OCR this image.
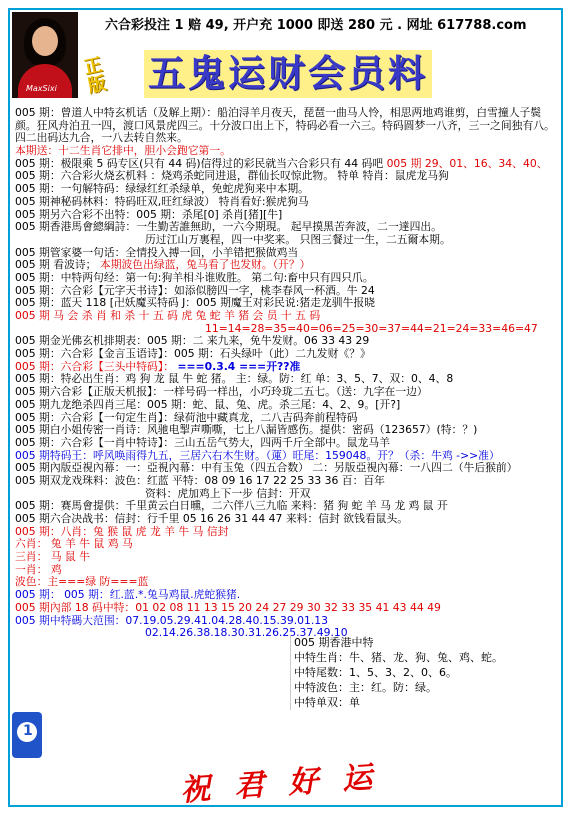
MaxSixi
六合彩投注 1 赔 49, 开户充 1000 即送 280 元 . 网址 617788.com
正版 五鬼运财会员料
005 期：曾道人中特玄机话（及解上期）：船泊浔羊月夜天，琵琶一曲马人怜，相思两地鸡谁剪，白雪撞人子鬓颜。狂风舟泊丑一四，渡口风景虎四三。十分波口出上下，特码必看一六三。特码圆梦一八齐，三一之间独有八。四二出码达九合，一八去转自然来。
本期送：十二生肖它排中，胆小会跑它第一。
005 期：极限乘 5 码专区(只有 44 码)信得过的彩民就当六合彩只有 44 码吧 005 期 29、01、16、34、40、
005 期：六合彩火烧玄机料 ：烧鸡杀蛇同进退，群仙长叹惊此物。 特单 特肖：鼠虎龙马狗
005 期：一句解特码：绿绿红红杀绿单，免蛇虎狗来中本期。
005 期神秘码林料：特码旺双,旺红绿波） 特肖看好:猴虎狗马
005 期另六合彩不出特：005 期：杀尾[0] 杀肖[猪][牛]
005 期香港馬會總綱詩：一生勤苦誰無助，一六今期現。 起早摸黑苦奔波，二一達四出。
历过江山万裏程，四一中奖来。 只图三餐过一生，二五爾本期。
005 期管家婆一句话：全情投入搏一回，小羊错把猴做鸡当
005 期 看波诗； 本期波色出绿蓝，兔马看了也发财。（开？）
005 期：中特两句经：第一句:狗羊相斗谁败胜。 第二句:畜中只有四只爪。
005 期：六合彩【元字天书诗】：如添似膀四一字，桃李春风一杯酒。牛 24
005 期：蓝天 118 [卍妖魔买特码 J：005 期魔王对彩民说:猪走龙驯牛报晓
005 期 马 会 杀 肖 和 杀 十 五 码 虎 兔 蛇 羊 猪 会 员 十 五 码
11=14=28=35=40=06=25=30=37=44=21=24=33=46=47
005 期金光佛玄机排期表：005 期：二 来九来，免牛发财。06 33 43 29
005 期：六合彩【金言玉语诗】：005 期：石头绿叶（此）二九发财《？》
005 期：六合彩【三头中特码】： ===0.3.4 ===开??准
005 期：特必出生肖：鸡 狗 龙 鼠 牛 蛇 猪。 主：绿。防：红 单：3、5、7、双：0、4、8
005 期六合彩【正版天机报】：一样号码一样出，小巧玲珑二五七。（送：九字在一边）
005 期九龙绝杀四肖三尾：005 期：蛇、鼠、兔、虎。杀三尾：4、2、9。[开?]
005 期：六合彩【一句定生肖】：绿荷池中藏真龙，二八吉码奔前程特码
005 期白小姐传密一肖诗：风驰电掣声嘶嘶，七上八漏皆感伤。提供：密码（123657）(特：？)
005 期：六合彩【一肖中特诗】：三山五岳气势大，四两千斤全部中。鼠龙马羊
005 期特码王：呼风唤雨得九五，三居六右木生财。（蓮）旺尾：159048。开？（杀：牛鸡 ->>准）
005 期內版亞視內幕：一：亞視內幕：中有玉兔（四五合数） 二：另版亞視內幕：一八四二（牛后猴前）
005 期双龙戏珠料：波色：红蓝 平特：08 09 16 17 22 25 33 36 百：百年
资料：虎加鸡上下一步 信封：开双
005 期：赛馬會提供：千里黄云白日曛，二六伴八三九临 来料：猪 狗 蛇 羊 马 龙 鸡 鼠 开
005 期六合决战书：信封：行千里 05 16 26 31 44 47 来料：信封 欲钱看鼠头。
005 期：八肖：兔 猴 鼠 虎 龙 羊 牛 马 信封
六肖： 兔 羊 牛 鼠 鸡 马
三肖： 马 鼠 牛
一肖： 鸡
波色：主===绿 防===蓝
005 期： 005 期：红.蓝.*.兔马鸡鼠.虎蛇猴猪.
005 期內部 18 码中特：01 02 08 11 13 15 20 24 27 29 30 32 33 35 41 43 44 49
005 期中特碼大范围：07.19.05.29.41.04.28.40.15.39.01.13
02.14.26.38.18.30.31.26.25.37.49.10
005 期香港中特
中特生肖：牛、猪、龙、狗、兔、鸡、蛇。
中特尾数：1、5、3、2、0、6。
中特波色：主：红。防：绿。
中特单双：单
1
祝君好运
